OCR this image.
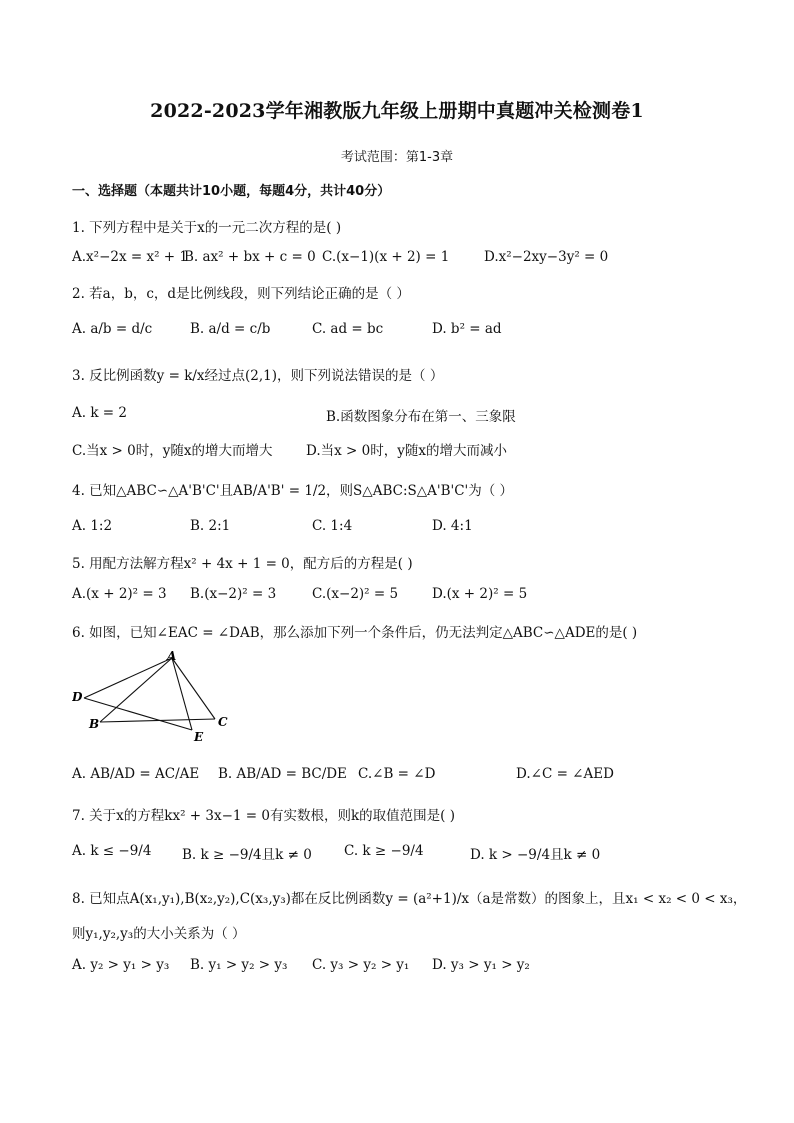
2022-2023学年湘教版九年级上册期中真题冲关检测卷1
考试范围：第1-3章
一、选择题（本题共计10小题，每题4分，共计40分）
1. 下列方程中是关于x的一元二次方程的是( )
A.x²−2x = x² + 1
B. ax² + bx + c = 0 C.(x−1)(x + 2) = 1	D.x²−2xy−3y² = 0
2. 若a，b，c，d是比例线段，则下列结论正确的是（ ）
A. a/b = d/c	B. a/d = c/b	C. ad = bc	D. b² = ad
3. 反比例函数y = k/x经过点(2,1)，则下列说法错误的是（ ）
A. k = 2	B.函数图象分布在第一、三象限
C.当x > 0时，y随x的增大而增大 D.当x > 0时，y随x的增大而减小
4. 已知△ABC∽△A'B'C'且AB/A'B' = 1/2，则S△ABC:S△A'B'C'为（ ）
A. 1:2	B. 2:1	C. 1:4	D. 4:1
5. 用配方法解方程x² + 4x + 1 = 0，配方后的方程是( )
A.(x + 2)² = 3 B.(x−2)² = 3	C.(x−2)² = 5	D.(x + 2)² = 5
6. 如图，已知∠EAC = ∠DAB，那么添加下列一个条件后，仍无法判定△ABC∽△ADE的是( )
A
D
B	C
E
A. AB/AD = AC/AE B. AB/AD = BC/DE C.∠B = ∠D	D.∠C = ∠AED
7. 关于x的方程kx² + 3x−1 = 0有实数根，则k的取值范围是( )
A. k ≤ −9/4 B. k ≥ −9/4且k ≠ 0 C. k ≥ −9/4	D. k > −9/4且k ≠ 0
8. 已知点A(x₁,y₁),B(x₂,y₂),C(x₃,y₃)都在反比例函数y = (a²+1)/x（a是常数）的图象上，且x₁ < x₂ < 0 < x₃，
则y₁,y₂,y₃的大小关系为（ ）
A. y₂ > y₁ > y₃ B. y₁ > y₂ > y₃ C. y₃ > y₂ > y₁ D. y₃ > y₁ > y₂
